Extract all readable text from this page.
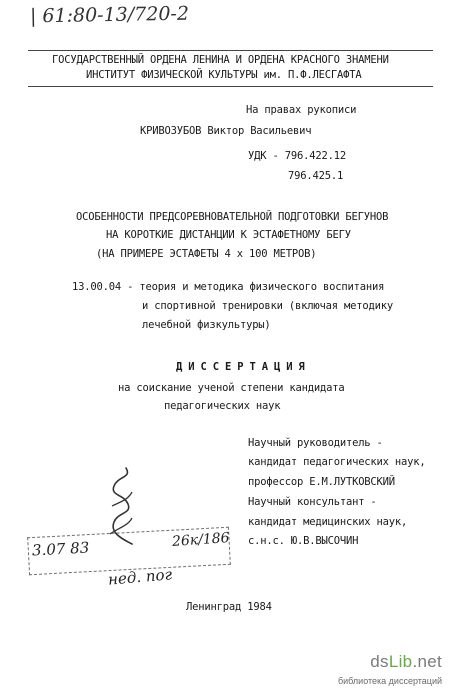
| 61:80-13/720-2
ГОСУДАРСТВЕННЫЙ ОРДЕНА ЛЕНИНА И ОРДЕНА КРАСНОГО ЗНАМЕНИ
ИНСТИТУТ ФИЗИЧЕСКОЙ КУЛЬТУРЫ им. П.Ф.ЛЕСГАФТА
На правах рукописи
КРИВОЗУБОВ Виктор Васильевич
УДК - 796.422.12
796.425.1
ОСОБЕННОСТИ ПРЕДСОРЕВНОВАТЕЛЬНОЙ ПОДГОТОВКИ БЕГУНОВ
НА КОРОТКИЕ ДИСТАНЦИИ К ЭСТАФЕТНОМУ БЕГУ
(НА ПРИМЕРЕ ЭСТАФЕТЫ 4 х 100 МЕТРОВ)
13.00.04 - теория и методика физического воспитания
и спортивной тренировки (включая методику
лечебной физкультуры)
Д И С С Е Р Т А Ц И Я
на соискание ученой степени кандидата
педагогических наук
Научный руководитель -
кандидат педагогических наук,
профессор Е.М.ЛУТКОВСКИЙ
Научный консультант -
кандидат медицинских наук,
с.н.с. Ю.В.ВЫСОЧИН
3.07 83	26к/186
нед. пог
Ленинград 1984
dsLib.net
библиотека диссертаций
